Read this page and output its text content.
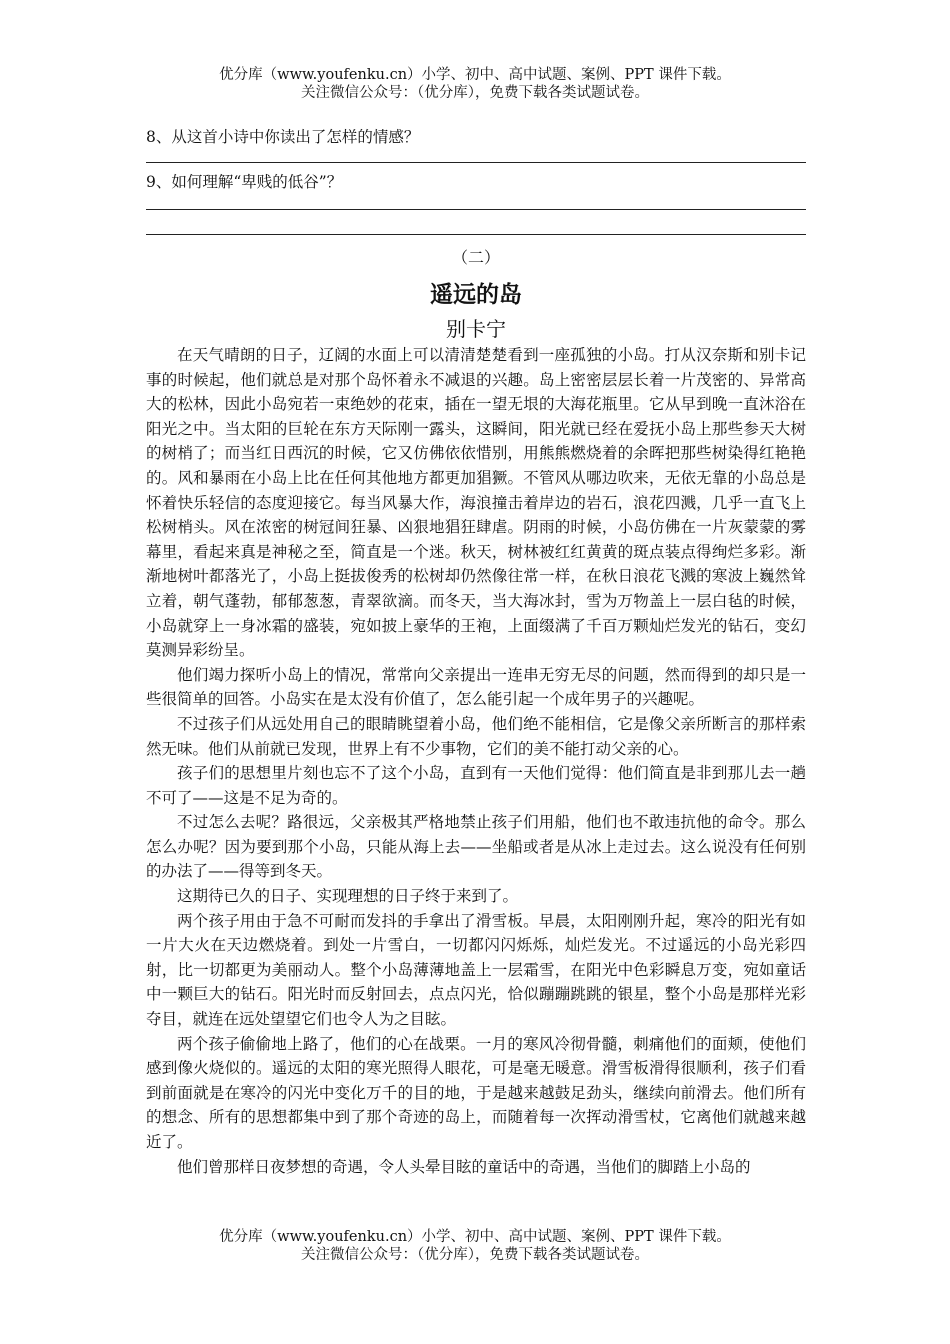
优分库（www.youfenku.cn）小学、初中、高中试题、案例、PPT 课件下载。
关注微信公众号：（优分库），免费下载各类试题试卷。

8、从这首小诗中你读出了怎样的情感？

9、如何理解“卑贱的低谷”？

（二）
遥远的岛
别卡宁

在天气晴朗的日子，辽阔的水面上可以清清楚楚看到一座孤独的小岛。打从汉奈斯和别卡记事的时候起，他们就总是对那个岛怀着永不减退的兴趣。岛上密密层层长着一片茂密的、异常高大的松林，因此小岛宛若一束绝妙的花束，插在一望无垠的大海花瓶里。它从早到晚一直沐浴在阳光之中。当太阳的巨轮在东方天际刚一露头，这瞬间，阳光就已经在爱抚小岛上那些参天大树的树梢了；而当红日西沉的时候，它又仿佛依依惜别，用熊熊燃烧着的余晖把那些树染得红艳艳的。风和暴雨在小岛上比在任何其他地方都更加猖獗。不管风从哪边吹来，无依无靠的小岛总是怀着快乐轻信的态度迎接它。每当风暴大作，海浪撞击着岸边的岩石，浪花四溅，几乎一直飞上松树梢头。风在浓密的树冠间狂暴、凶狠地猖狂肆虐。阴雨的时候，小岛仿佛在一片灰蒙蒙的雾幕里，看起来真是神秘之至，简直是一个迷。秋天，树林被红红黄黄的斑点装点得绚烂多彩。渐渐地树叶都落光了，小岛上挺拔俊秀的松树却仍然像往常一样，在秋日浪花飞溅的寒波上巍然耸立着，朝气蓬勃，郁郁葱葱，青翠欲滴。而冬天，当大海冰封，雪为万物盖上一层白毡的时候，小岛就穿上一身冰霜的盛装，宛如披上豪华的王袍，上面缀满了千百万颗灿烂发光的钻石，变幻莫测异彩纷呈。

他们竭力探听小岛上的情况，常常向父亲提出一连串无穷无尽的问题，然而得到的却只是一些很简单的回答。小岛实在是太没有价值了，怎么能引起一个成年男子的兴趣呢。

不过孩子们从远处用自己的眼睛眺望着小岛，他们绝不能相信，它是像父亲所断言的那样索然无味。他们从前就已发现，世界上有不少事物，它们的美不能打动父亲的心。

孩子们的思想里片刻也忘不了这个小岛，直到有一天他们觉得：他们简直是非到那儿去一趟不可了——这是不足为奇的。

不过怎么去呢？路很远，父亲极其严格地禁止孩子们用船，他们也不敢违抗他的命令。那么怎么办呢？因为要到那个小岛，只能从海上去——坐船或者是从冰上走过去。这么说没有任何别的办法了——得等到冬天。

这期待已久的日子、实现理想的日子终于来到了。

两个孩子用由于急不可耐而发抖的手拿出了滑雪板。早晨，太阳刚刚升起，寒冷的阳光有如一片大火在天边燃烧着。到处一片雪白，一切都闪闪烁烁，灿烂发光。不过遥远的小岛光彩四射，比一切都更为美丽动人。整个小岛薄薄地盖上一层霜雪，在阳光中色彩瞬息万变，宛如童话中一颗巨大的钻石。阳光时而反射回去，点点闪光，恰似蹦蹦跳跳的银星，整个小岛是那样光彩夺目，就连在远处望望它们也令人为之目眩。

两个孩子偷偷地上路了，他们的心在战栗。一月的寒风冷彻骨髓，刺痛他们的面颊，使他们感到像火烧似的。遥远的太阳的寒光照得人眼花，可是毫无暖意。滑雪板滑得很顺利，孩子们看到前面就是在寒冷的闪光中变化万千的目的地，于是越来越鼓足劲头，继续向前滑去。他们所有的想念、所有的思想都集中到了那个奇迹的岛上，而随着每一次挥动滑雪杖，它离他们就越来越近了。

他们曾那样日夜梦想的奇遇，令人头晕目眩的童话中的奇遇，当他们的脚踏上小岛的

优分库（www.youfenku.cn）小学、初中、高中试题、案例、PPT 课件下载。
关注微信公众号：（优分库），免费下载各类试题试卷。
